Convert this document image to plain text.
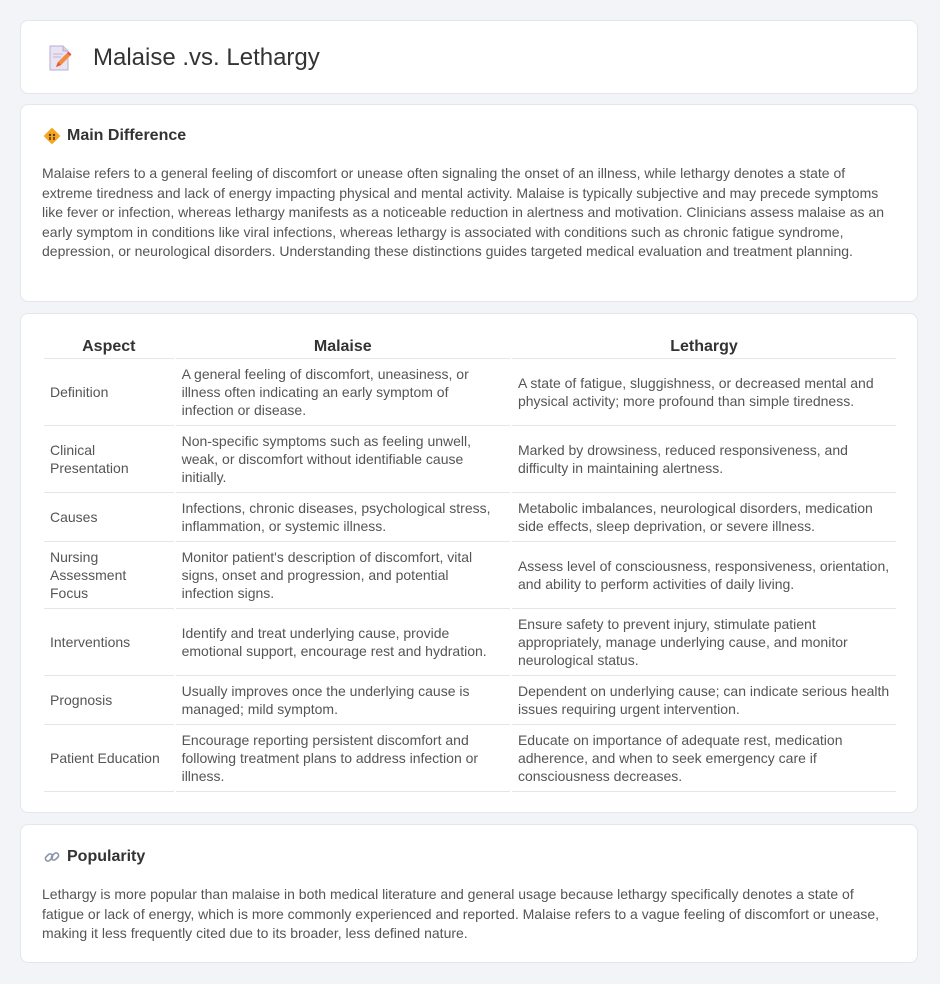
Malaise .vs. Lethargy
Main Difference

Malaise refers to a general feeling of discomfort or unease often signaling the onset of an illness, while lethargy denotes a state of extreme tiredness and lack of energy impacting physical and mental activity. Malaise is typically subjective and may precede symptoms like fever or infection, whereas lethargy manifests as a noticeable reduction in alertness and motivation. Clinicians assess malaise as an early symptom in conditions like viral infections, whereas lethargy is associated with conditions such as chronic fatigue syndrome, depression, or neurological disorders. Understanding these distinctions guides targeted medical evaluation and treatment planning.

Aspect	Malaise	Lethargy
Definition	A general feeling of discomfort, uneasiness, or illness often indicating an early symptom of infection or disease.	A state of fatigue, sluggishness, or decreased mental and physical activity; more profound than simple tiredness.
Clinical Presentation	Non-specific symptoms such as feeling unwell, weak, or discomfort without identifiable cause initially.	Marked by drowsiness, reduced responsiveness, and difficulty in maintaining alertness.
Causes	Infections, chronic diseases, psychological stress, inflammation, or systemic illness.	Metabolic imbalances, neurological disorders, medication side effects, sleep deprivation, or severe illness.
Nursing Assessment Focus	Monitor patient's description of discomfort, vital signs, onset and progression, and potential infection signs.	Assess level of consciousness, responsiveness, orientation, and ability to perform activities of daily living.
Interventions	Identify and treat underlying cause, provide emotional support, encourage rest and hydration.	Ensure safety to prevent injury, stimulate patient appropriately, manage underlying cause, and monitor neurological status.
Prognosis	Usually improves once the underlying cause is managed; mild symptom.	Dependent on underlying cause; can indicate serious health issues requiring urgent intervention.
Patient Education	Encourage reporting persistent discomfort and following treatment plans to address infection or illness.	Educate on importance of adequate rest, medication adherence, and when to seek emergency care if consciousness decreases.
Popularity

Lethargy is more popular than malaise in both medical literature and general usage because lethargy specifically denotes a state of fatigue or lack of energy, which is more commonly experienced and reported. Malaise refers to a vague feeling of discomfort or unease, making it less frequently cited due to its broader, less defined nature.
